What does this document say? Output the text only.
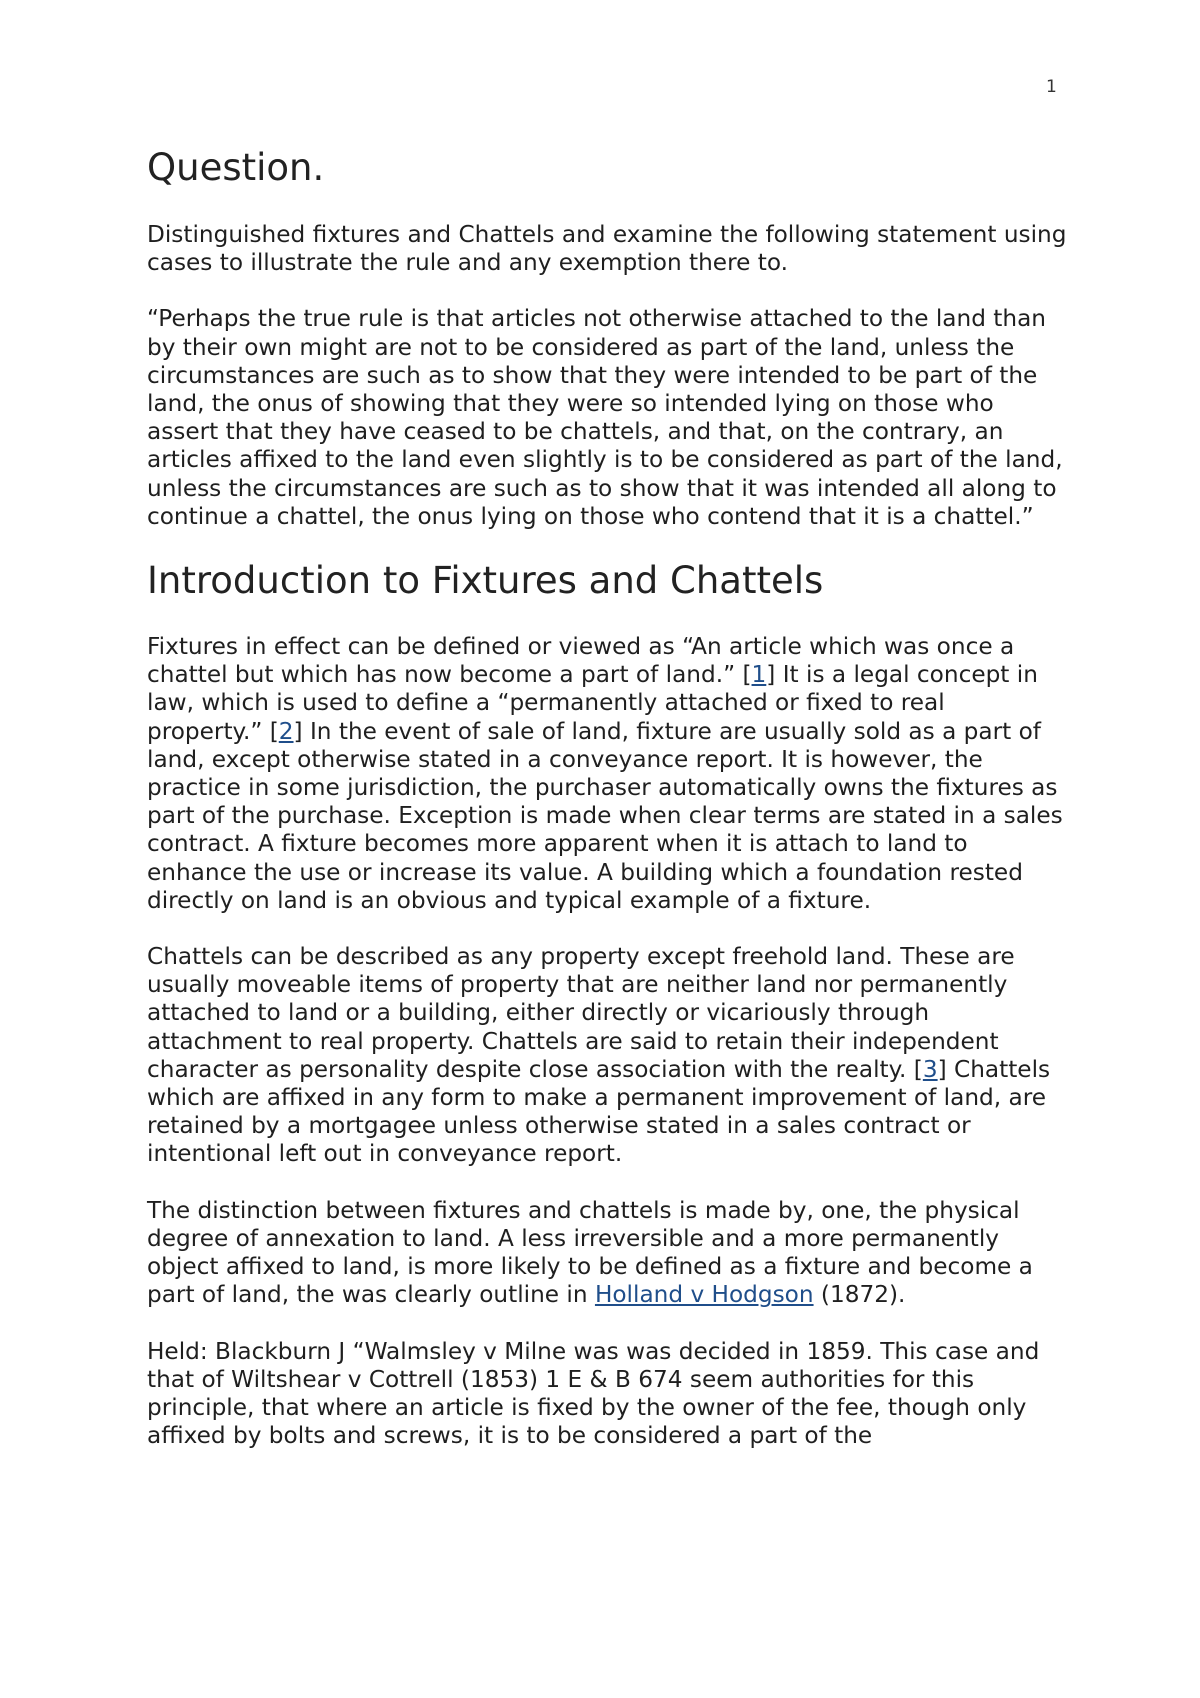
1
Question.

Distinguished fixtures and Chattels and examine the following statement using cases to illustrate the rule and any exemption there to.

“Perhaps the true rule is that articles not otherwise attached to the land than by their own might are not to be considered as part of the land, unless the circumstances are such as to show that they were intended to be part of the land, the onus of showing that they were so intended lying on those who assert that they have ceased to be chattels, and that, on the contrary, an articles affixed to the land even slightly is to be considered as part of the land, unless the circumstances are such as to show that it was intended all along to continue a chattel, the onus lying on those who contend that it is a chattel.”

Introduction to Fixtures and Chattels

Fixtures in effect can be defined or viewed as “An article which was once a chattel but which has now become a part of land.” [1] It is a legal concept in law, which is used to define a “permanently attached or fixed to real property.” [2] In the event of sale of land, fixture are usually sold as a part of land, except otherwise stated in a conveyance report. It is however, the practice in some jurisdiction, the purchaser automatically owns the fixtures as part of the purchase. Exception is made when clear terms are stated in a sales contract. A fixture becomes more apparent when it is attach to land to enhance the use or increase its value. A building which a foundation rested directly on land is an obvious and typical example of a fixture.

Chattels can be described as any property except freehold land. These are usually moveable items of property that are neither land nor permanently attached to land or a building, either directly or vicariously through attachment to real property. Chattels are said to retain their independent character as personality despite close association with the realty. [3] Chattels which are affixed in any form to make a permanent improvement of land, are retained by a mortgagee unless otherwise stated in a sales contract or intentional left out in conveyance report.

The distinction between fixtures and chattels is made by, one, the physical degree of annexation to land. A less irreversible and a more permanently object affixed to land, is more likely to be defined as a fixture and become a part of land, the was clearly outline in Holland v Hodgson (1872).

Held: Blackburn J “Walmsley v Milne was was decided in 1859. This case and that of Wiltshear v Cottrell (1853) 1 E & B 674 seem authorities for this principle, that where an article is fixed by the owner of the fee, though only affixed by bolts and screws, it is to be considered a part of the
